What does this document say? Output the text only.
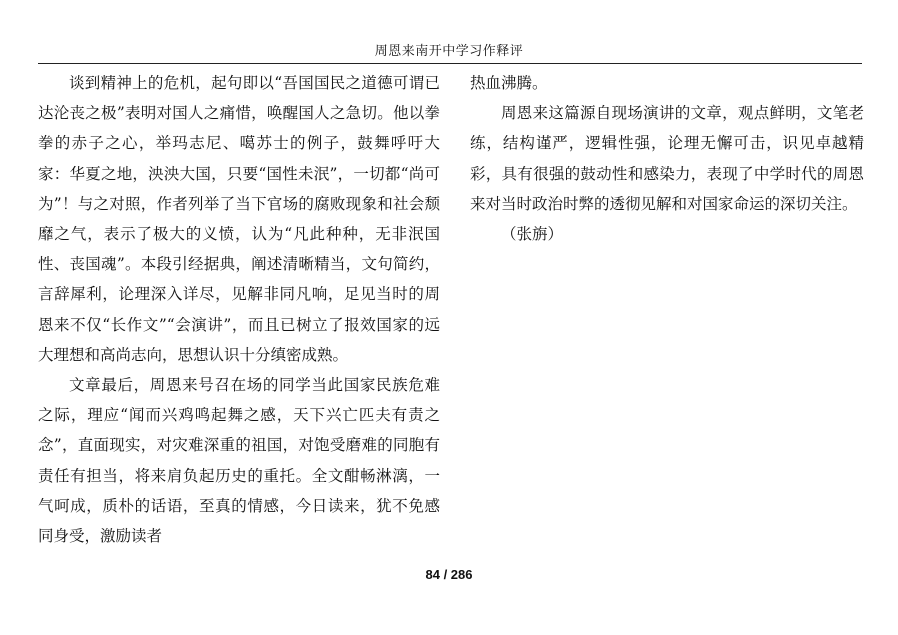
周恩来南开中学习作释评

谈到精神上的危机，起句即以“吾国国民之道德可谓已达沦丧之极”表明对国人之痛惜，唤醒国人之急切。他以拳拳的赤子之心，举玛志尼、噶苏士的例子，鼓舞呼吁大家：华夏之地，泱泱大国，只要“国性未泯”，一切都“尚可为”！与之对照，作者列举了当下官场的腐败现象和社会颓靡之气，表示了极大的义愤，认为“凡此种种，无非泯国性、丧国魂”。本段引经据典，阐述清晰精当，文句简约，言辞犀利，论理深入详尽，见解非同凡响，足见当时的周恩来不仅“长作文”“会演讲”，而且已树立了报效国家的远大理想和高尚志向，思想认识十分缜密成熟。

文章最后，周恩来号召在场的同学当此国家民族危难之际，理应“闻而兴鸡鸣起舞之感，天下兴亡匹夫有责之念”，直面现实，对灾难深重的祖国，对饱受磨难的同胞有责任有担当，将来肩负起历史的重托。全文酣畅淋漓，一气呵成，质朴的话语，至真的情感，今日读来，犹不免感同身受，激励读者

热血沸腾。

周恩来这篇源自现场演讲的文章，观点鲜明，文笔老练，结构谨严，逻辑性强，论理无懈可击，识见卓越精彩，具有很强的鼓动性和感染力，表现了中学时代的周恩来对当时政治时弊的透彻见解和对国家命运的深切关注。

（张旃）

84 / 286
